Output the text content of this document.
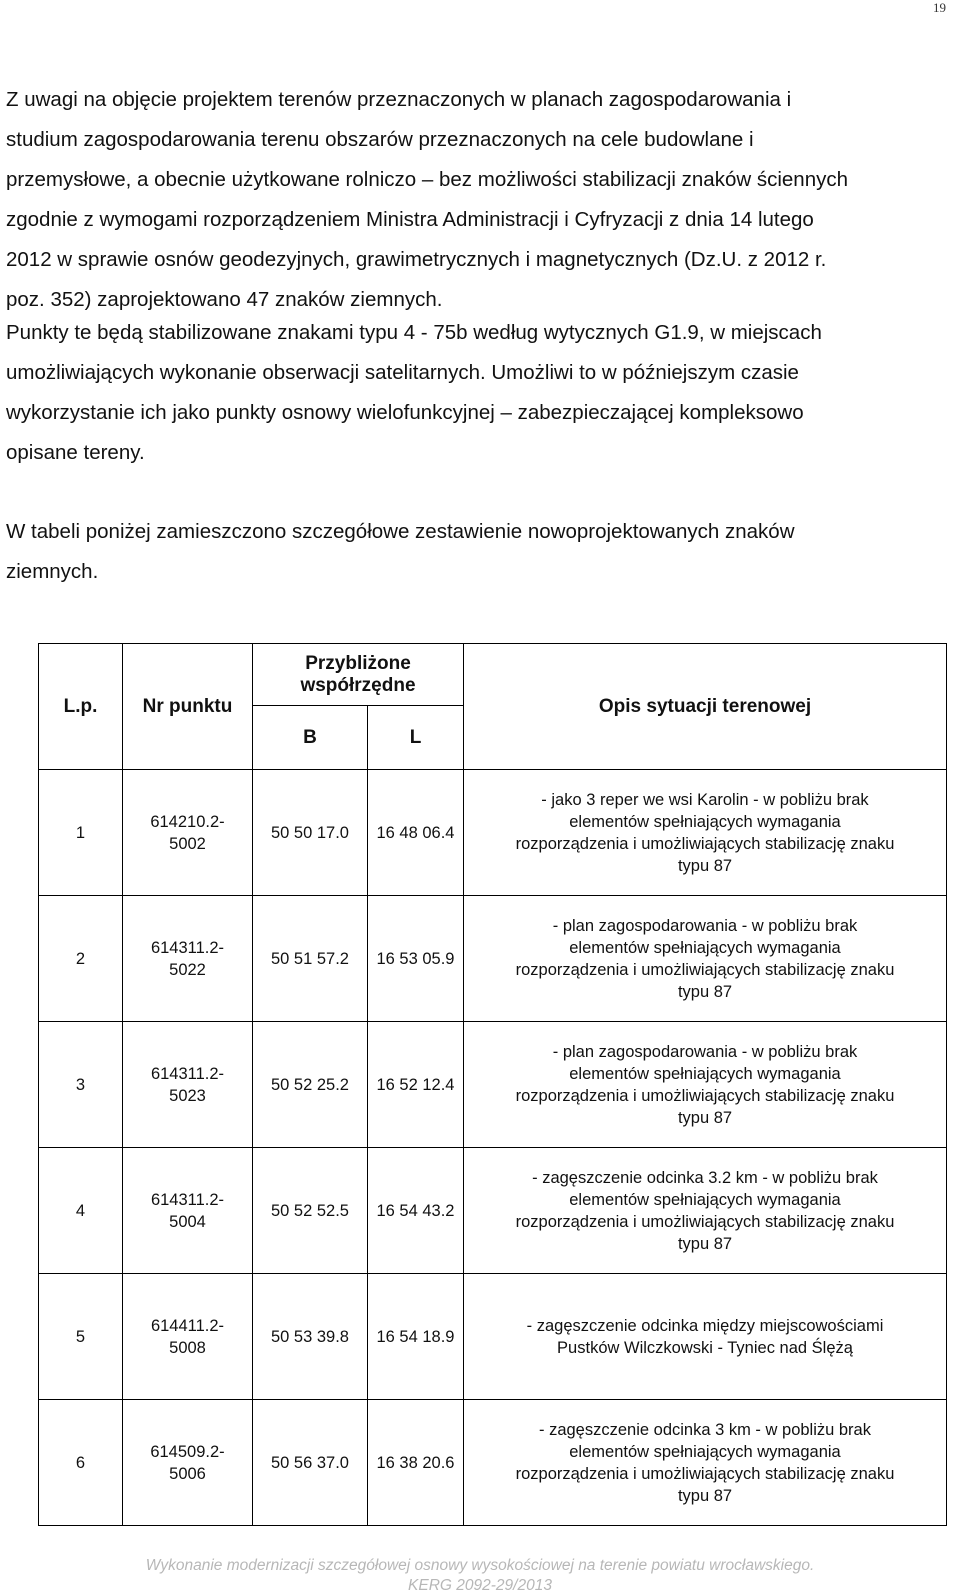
19
Z uwagi na objęcie projektem terenów przeznaczonych w planach zagospodarowania i
studium zagospodarowania terenu obszarów przeznaczonych na cele budowlane i
przemysłowe, a obecnie użytkowane rolniczo – bez możliwości stabilizacji znaków ściennych
zgodnie z wymogami rozporządzeniem Ministra Administracji i Cyfryzacji z dnia 14 lutego
2012 w sprawie osnów geodezyjnych, grawimetrycznych i magnetycznych (Dz.U. z 2012 r.
poz. 352) zaprojektowano 47 znaków ziemnych.
Punkty te będą stabilizowane znakami typu 4 - 75b według wytycznych G1.9, w miejscach
umożliwiających wykonanie obserwacji satelitarnych. Umożliwi to w późniejszym czasie
wykorzystanie ich jako punkty osnowy wielofunkcyjnej – zabezpieczającej kompleksowo
opisane tereny.
W tabeli poniżej zamieszczono szczegółowe zestawienie nowoprojektowanych znaków
ziemnych.
L.p.	Nr punktu	Przybliżone współrzędne		Opis sytuacji terenowej
		B	L	
1	614210.2-
5002	50 50 17.0	16 48 06.4	- jako 3 reper we wsi Karolin - w pobliżu brak
elementów spełniających wymagania
rozporządzenia i umożliwiających stabilizację znaku
typu 87

2	614311.2-
5022	50 51 57.2	16 53 05.9	- plan zagospodarowania - w pobliżu brak
elementów spełniających wymagania
rozporządzenia i umożliwiających stabilizację znaku
typu 87

3	614311.2-
5023	50 52 25.2	16 52 12.4	- plan zagospodarowania - w pobliżu brak
elementów spełniających wymagania
rozporządzenia i umożliwiających stabilizację znaku
typu 87

4	614311.2-
5004	50 52 52.5	16 54 43.2	- zagęszczenie odcinka 3.2 km - w pobliżu brak
elementów spełniających wymagania
rozporządzenia i umożliwiających stabilizację znaku
typu 87

5	614411.2-
5008	50 53 39.8	16 54 18.9	- zagęszczenie odcinka między miejscowościami
Pustków Wilczkowski - Tyniec nad Ślężą

6	614509.2-
5006	50 56 37.0	16 38 20.6	- zagęszczenie odcinka 3 km - w pobliżu brak
elementów spełniających wymagania
rozporządzenia i umożliwiających stabilizację znaku
typu 87
Wykonanie modernizacji szczegółowej osnowy wysokościowej na terenie powiatu wrocławskiego.
KERG 2092-29/2013
